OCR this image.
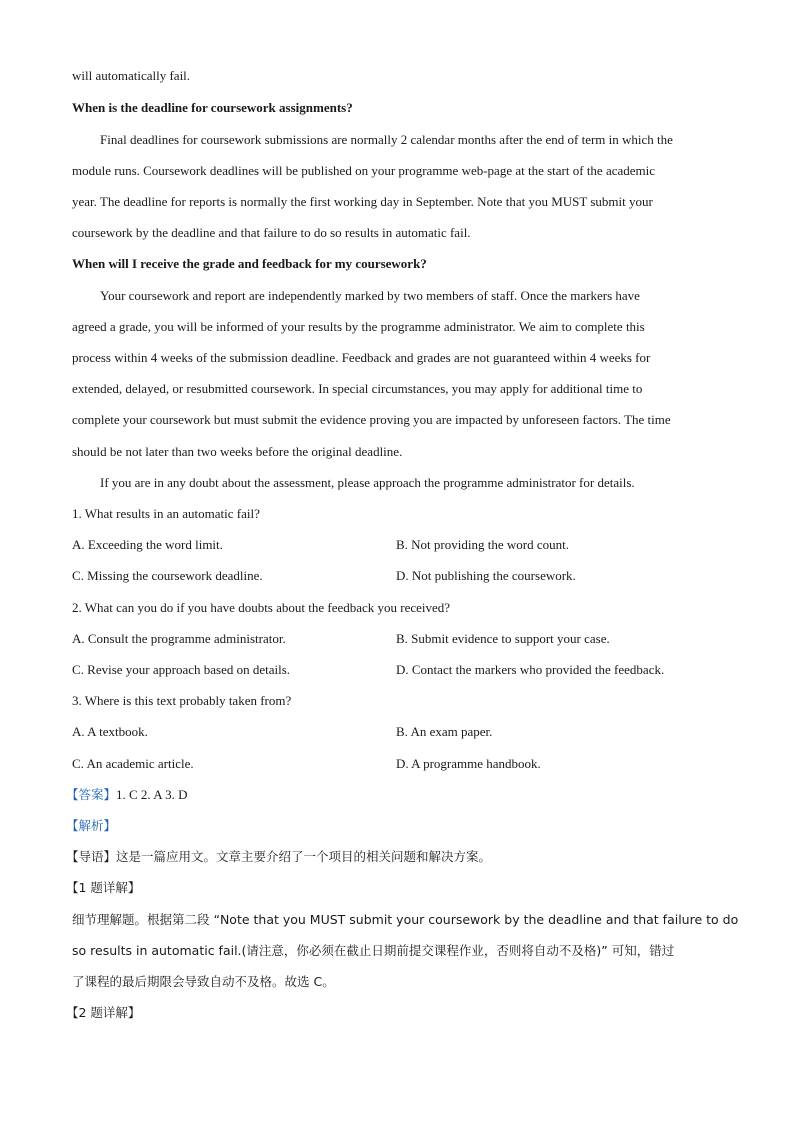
will automatically fail.
When is the deadline for coursework assignments?
Final deadlines for coursework submissions are normally 2 calendar months after the end of term in which the
module runs. Coursework deadlines will be published on your programme web-page at the start of the academic
year. The deadline for reports is normally the first working day in September. Note that you MUST submit your
coursework by the deadline and that failure to do so results in automatic fail.
When will I receive the grade and feedback for my coursework?
Your coursework and report are independently marked by two members of staff. Once the markers have
agreed a grade, you will be informed of your results by the programme administrator. We aim to complete this
process within 4 weeks of the submission deadline. Feedback and grades are not guaranteed within 4 weeks for
extended, delayed, or resubmitted coursework. In special circumstances, you may apply for additional time to
complete your coursework but must submit the evidence proving you are impacted by unforeseen factors. The time
should be not later than two weeks before the original deadline.
If you are in any doubt about the assessment, please approach the programme administrator for details.
1. What results in an automatic fail?
A. Exceeding the word limit.	B. Not providing the word count.
C. Missing the coursework deadline.	D. Not publishing the coursework.
2. What can you do if you have doubts about the feedback you received?
A. Consult the programme administrator.	B. Submit evidence to support your case.
C. Revise your approach based on details.	D. Contact the markers who provided the feedback.
3. Where is this text probably taken from?
A. A textbook.	B. An exam paper.
C. An academic article.	D. A programme handbook.
【答案】1. C 2. A 3. D
【解析】
【导语】这是一篇应用文。文章主要介绍了一个项目的相关问题和解决方案。
【1 题详解】
细节理解题。根据第二段 “Note that you MUST submit your coursework by the deadline and that failure to do
so results in automatic fail.(请注意，你必须在截止日期前提交课程作业，否则将自动不及格)” 可知，错过
了课程的最后期限会导致自动不及格。故选 C。
【2 题详解】
